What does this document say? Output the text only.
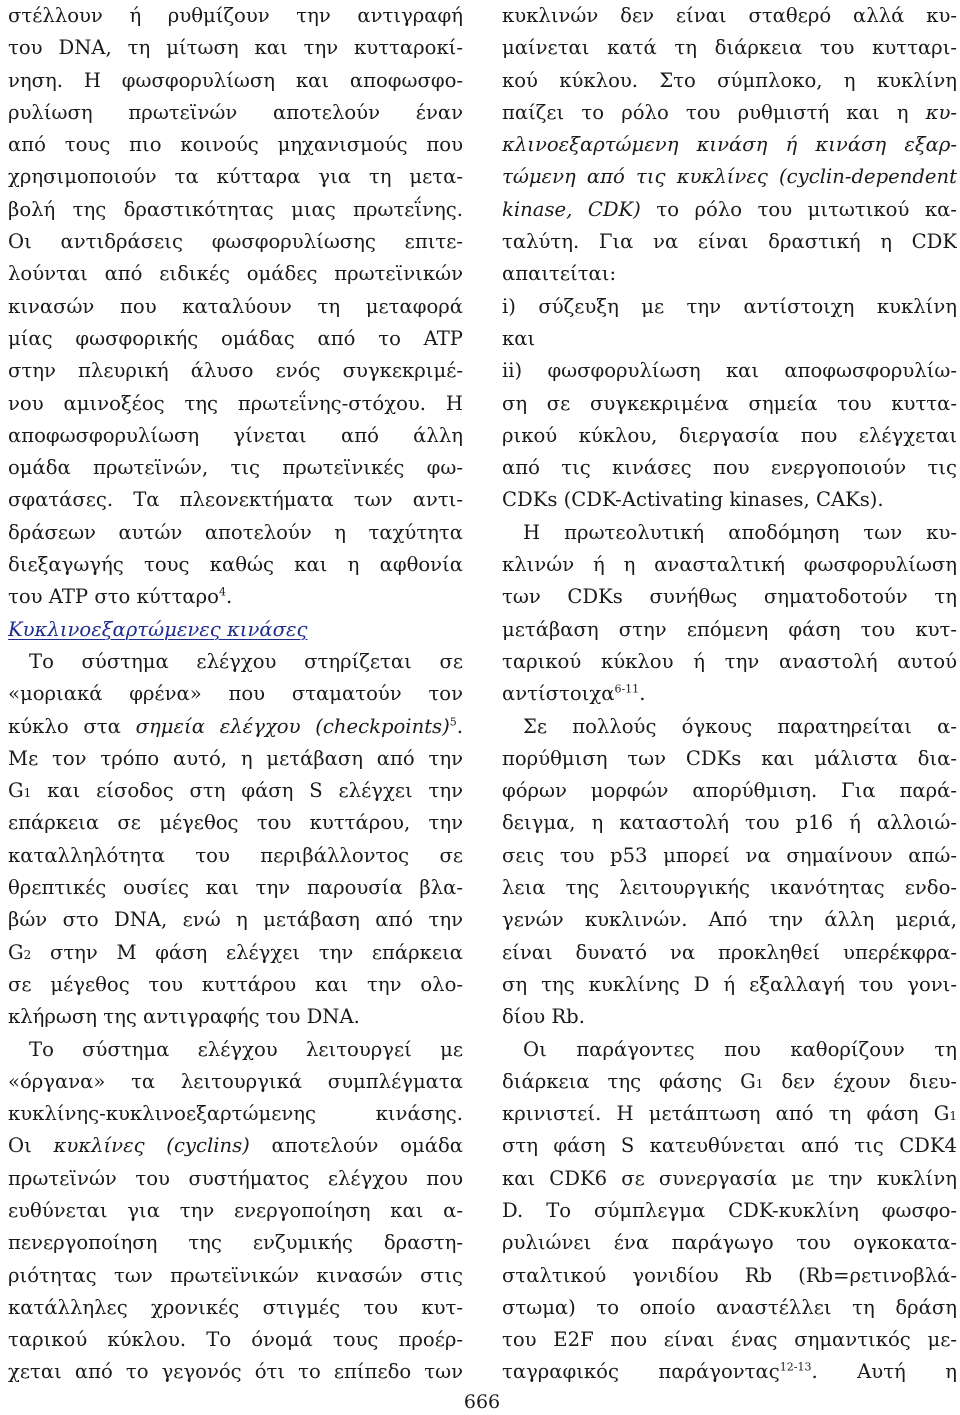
στέλλουν ή ρυθμίζουν την αντιγραφή
του DNA, τη μίτωση και την κυτταροκί-
νηση. Η φωσφορυλίωση και αποφωσφο-
ρυλίωση πρωτεϊνών αποτελούν έναν
από τους πιο κοινούς μηχανισμούς που
χρησιμοποιούν τα κύτταρα για τη μετα-
βολή της δραστικότητας μιας πρωτεΐνης.
Οι αντιδράσεις φωσφορυλίωσης επιτε-
λούνται από ειδικές ομάδες πρωτεϊνικών
κινασών που καταλύουν τη μεταφορά
μίας φωσφορικής ομάδας από το ATP
στην πλευρική άλυσο ενός συγκεκριμέ-
νου αμινοξέος της πρωτεΐνης-στόχου. Η
αποφωσφορυλίωση γίνεται από άλλη
ομάδα πρωτεϊνών, τις πρωτεϊνικές φω-
σφατάσες. Τα πλεονεκτήματα των αντι-
δράσεων αυτών αποτελούν η ταχύτητα
διεξαγωγής τους καθώς και η αφθονία
του ATP στο κύτταρο$^4$.
Κυκλινοεξαρτώμενες κινάσες
Το σύστημα ελέγχου στηρίζεται σε
«μοριακά φρένα» που σταματούν τον
κύκλο στα σημεία ελέγχου (checkpoints)$^5$.
Με τον τρόπο αυτό, η μετάβαση από την
G1 και είσοδος στη φάση S ελέγχει την
επάρκεια σε μέγεθος του κυττάρου, την
καταλληλότητα του περιβάλλοντος σε
θρεπτικές ουσίες και την παρουσία βλα-
βών στο DNA, ενώ η μετάβαση από την
G2 στην Μ φάση ελέγχει την επάρκεια
σε μέγεθος του κυττάρου και την ολο-
κλήρωση της αντιγραφής του DNA.
Το σύστημα ελέγχου λειτουργεί με
«όργανα» τα λειτουργικά συμπλέγματα
κυκλίνης-κυκλινοεξαρτώμενης κινάσης.
Οι κυκλίνες (cyclins) αποτελούν ομάδα
πρωτεϊνών του συστήματος ελέγχου που
ευθύνεται για την ενεργοποίηση και α-
πενεργοποίηση της ενζυμικής δραστη-
ριότητας των πρωτεϊνικών κινασών στις
κατάλληλες χρονικές στιγμές του κυτ-
ταρικού κύκλου. Το όνομά τους προέρ-
χεται από το γεγονός ότι το επίπεδο των
κυκλινών δεν είναι σταθερό αλλά κυ-
μαίνεται κατά τη διάρκεια του κυτταρι-
κού κύκλου. Στο σύμπλοκο, η κυκλίνη
παίζει το ρόλο του ρυθμιστή και η κυ-
κλινοεξαρτώμενη κινάση ή κινάση εξαρ-
τώμενη από τις κυκλίνες (cyclin-dependent
kinase, CDK) το ρόλο του μιτωτικού κα-
ταλύτη. Για να είναι δραστική η CDK
απαιτείται:
i) σύζευξη με την αντίστοιχη κυκλίνη
και
ii) φωσφορυλίωση και αποφωσφορυλίω-
ση σε συγκεκριμένα σημεία του κυττα-
ρικού κύκλου, διεργασία που ελέγχεται
από τις κινάσες που ενεργοποιούν τις
CDKs (CDK-Activating kinases, CAKs).
Η πρωτεολυτική αποδόμηση των κυ-
κλινών ή η ανασταλτική φωσφορυλίωση
των CDKs συνήθως σηματοδοτούν τη
μετάβαση στην επόμενη φάση του κυτ-
ταρικού κύκλου ή την αναστολή αυτού
αντίστοιχα$^{6-11}$.
Σε πολλούς όγκους παρατηρείται α-
πορύθμιση των CDKs και μάλιστα δια-
φόρων μορφών απορύθμιση. Για παρά-
δειγμα, η καταστολή του p16 ή αλλοιώ-
σεις του p53 μπορεί να σημαίνουν απώ-
λεια της λειτουργικής ικανότητας ενδο-
γενών κυκλινών. Από την άλλη μεριά,
είναι δυνατό να προκληθεί υπερέκφρα-
ση της κυκλίνης D ή εξαλλαγή του γονι-
δίου Rb.
Οι παράγοντες που καθορίζουν τη
διάρκεια της φάσης G1 δεν έχουν διευ-
κρινιστεί. Η μετάπτωση από τη φάση G1
στη φάση S κατευθύνεται από τις CDK4
και CDK6 σε συνεργασία με την κυκλίνη
D. Το σύμπλεγμα CDK-κυκλίνη φωσφο-
ρυλιώνει ένα παράγωγο του ογκοκατα-
σταλτικού γονιδίου Rb (Rb=ρετινοβλά-
στωμα) το οποίο αναστέλλει τη δράση
του E2F που είναι ένας σημαντικός με-
ταγραφικός παράγοντας$^{12-13}$. Αυτή η
666
